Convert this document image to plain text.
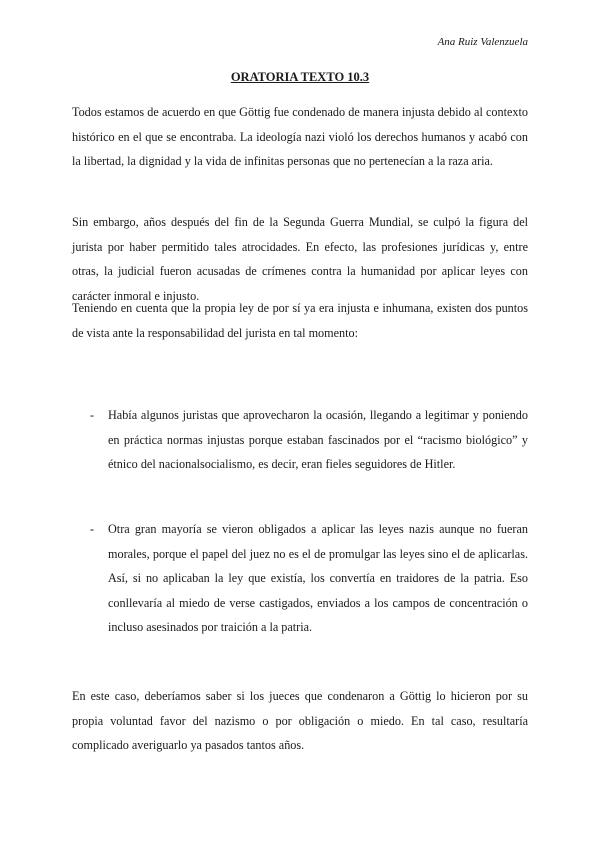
Ana Ruiz Valenzuela
ORATORIA TEXTO 10.3
Todos estamos de acuerdo en que Göttig fue condenado de manera injusta debido al contexto histórico en el que se encontraba. La ideología nazi violó los derechos humanos y acabó con la libertad, la dignidad y la vida de infinitas personas que no pertenecían a la raza aria.
Sin embargo, años después del fin de la Segunda Guerra Mundial, se culpó la figura del jurista por haber permitido tales atrocidades. En efecto, las profesiones jurídicas y, entre otras, la judicial fueron acusadas de crímenes contra la humanidad por aplicar leyes con carácter inmoral e injusto.
Teniendo en cuenta que la propia ley de por sí ya era injusta e inhumana, existen dos puntos de vista ante la responsabilidad del jurista en tal momento:
- Había algunos juristas que aprovecharon la ocasión, llegando a legitimar y poniendo en práctica normas injustas porque estaban fascinados por el “racismo biológico” y étnico del nacionalsocialismo, es decir, eran fieles seguidores de Hitler.
- Otra gran mayoría se vieron obligados a aplicar las leyes nazis aunque no fueran morales, porque el papel del juez no es el de promulgar las leyes sino el de aplicarlas. Así, si no aplicaban la ley que existía, los convertía en traidores de la patria. Eso conllevaría al miedo de verse castigados, enviados a los campos de concentración o incluso asesinados por traición a la patria.
En este caso, deberíamos saber si los jueces que condenaron a Göttig lo hicieron por su propia voluntad favor del nazismo o por obligación o miedo. En tal caso, resultaría complicado averiguarlo ya pasados tantos años.
